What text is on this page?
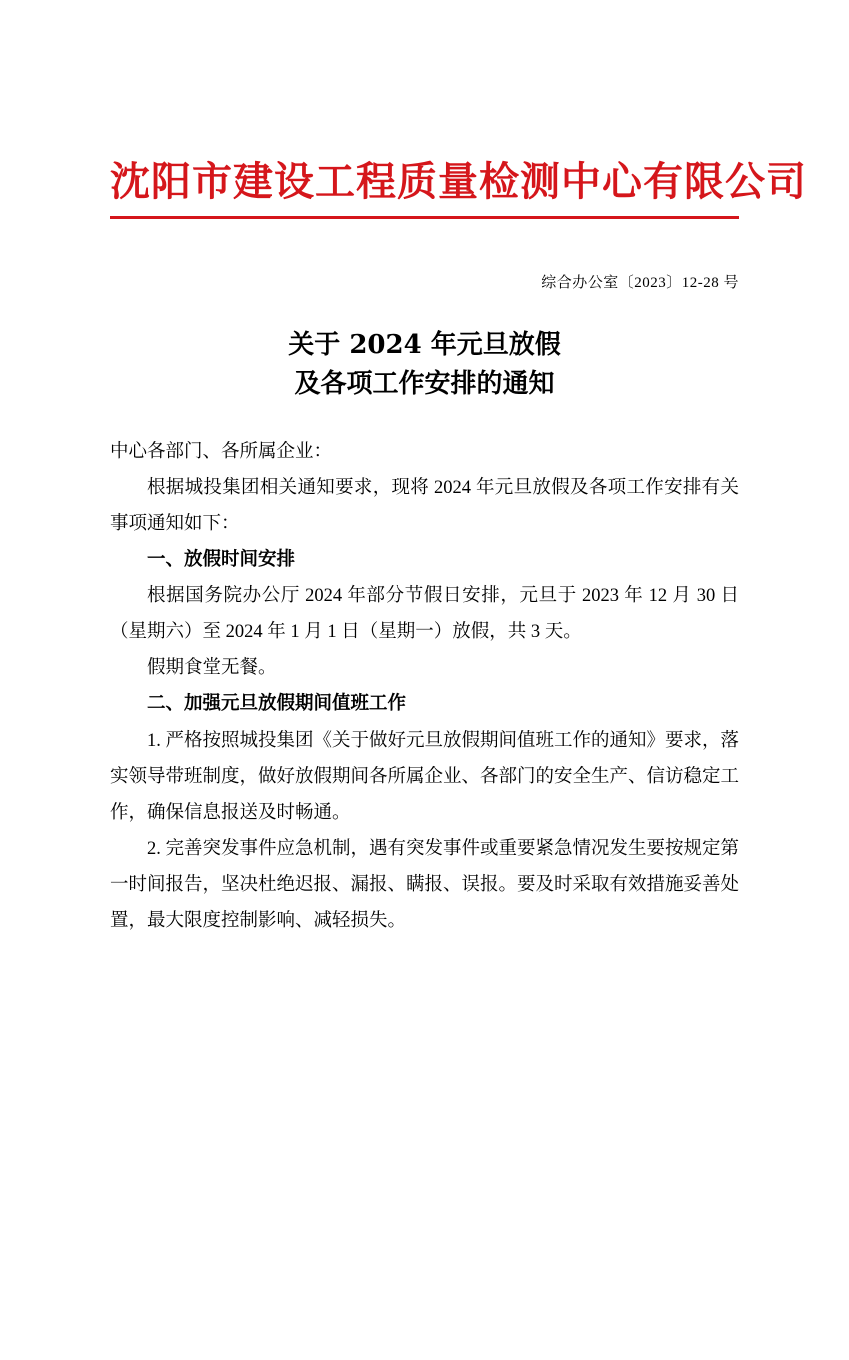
沈阳市建设工程质量检测中心有限公司
综合办公室〔2023〕12-28 号
关于 2024 年元旦放假
及各项工作安排的通知

中心各部门、各所属企业：

根据城投集团相关通知要求，现将 2024 年元旦放假及各项工作安排有关事项通知如下：

一、放假时间安排

根据国务院办公厅 2024 年部分节假日安排，元旦于 2023 年 12 月 30 日（星期六）至 2024 年 1 月 1 日（星期一）放假，共 3 天。

假期食堂无餐。

二、加强元旦放假期间值班工作

1. 严格按照城投集团《关于做好元旦放假期间值班工作的通知》要求，落实领导带班制度，做好放假期间各所属企业、各部门的安全生产、信访稳定工作，确保信息报送及时畅通。

2. 完善突发事件应急机制，遇有突发事件或重要紧急情况发生要按规定第一时间报告，坚决杜绝迟报、漏报、瞒报、误报。要及时采取有效措施妥善处置，最大限度控制影响、减轻损失。
